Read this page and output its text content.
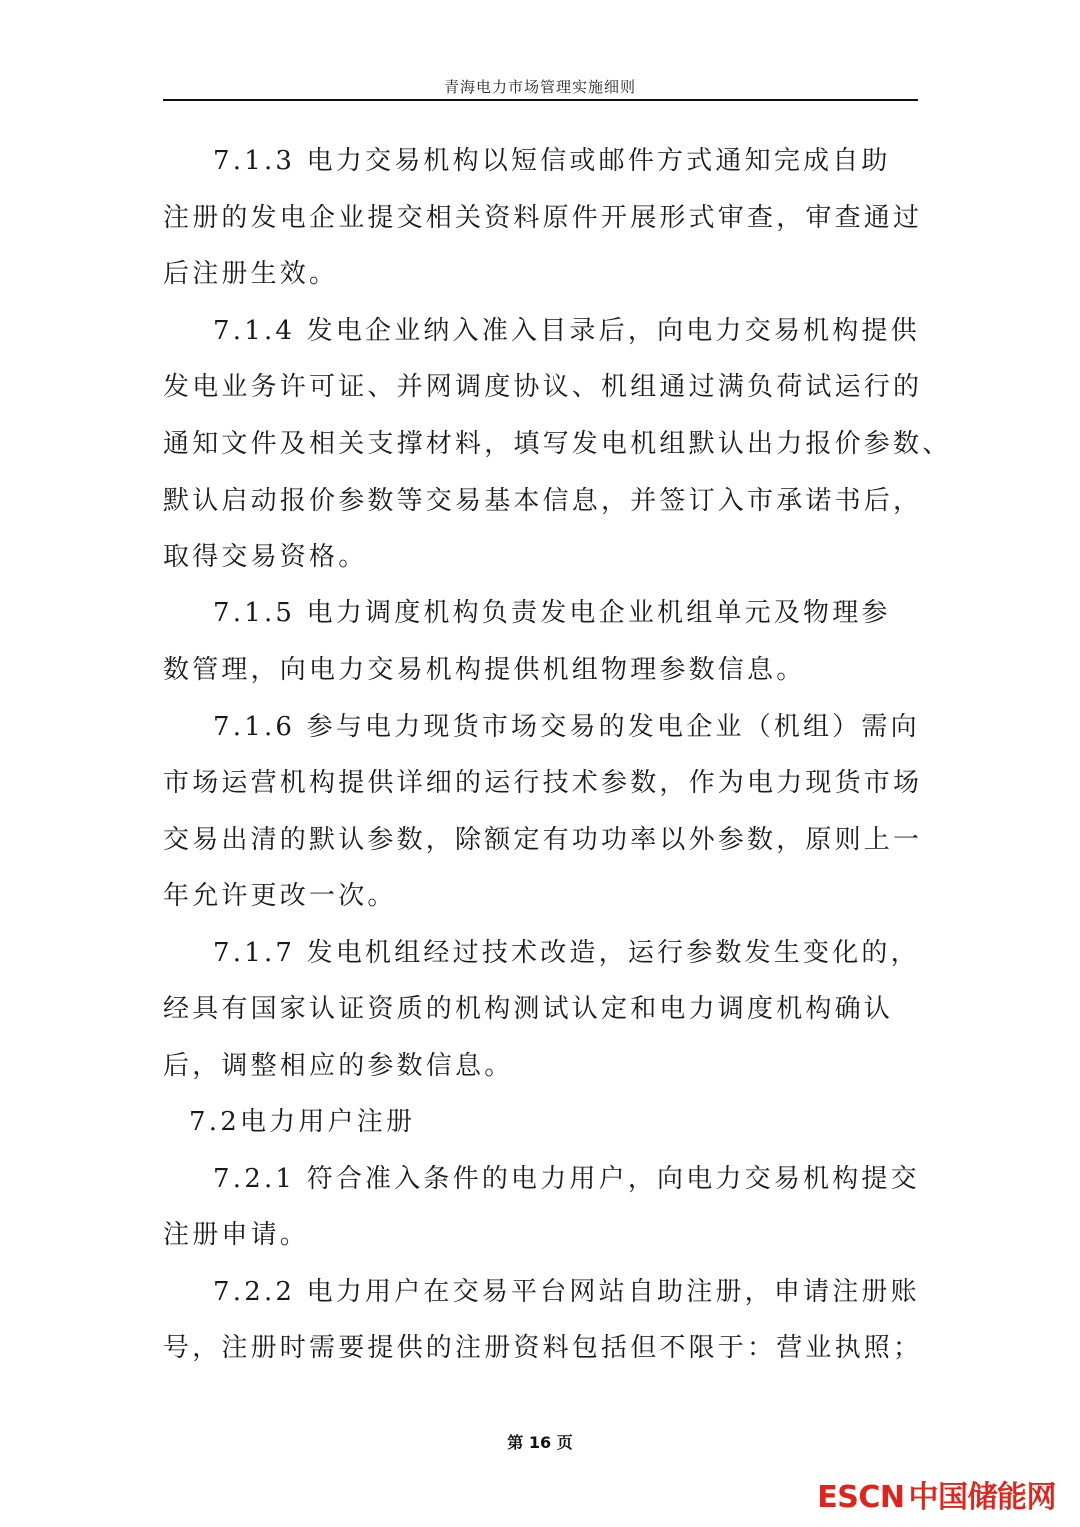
青海电力市场管理实施细则
7.1.3 电力交易机构以短信或邮件方式通知完成自助
注册的发电企业提交相关资料原件开展形式审查，审查通过
后注册生效。
7.1.4 发电企业纳入准入目录后，向电力交易机构提供
发电业务许可证、并网调度协议、机组通过满负荷试运行的
通知文件及相关支撑材料，填写发电机组默认出力报价参数、
默认启动报价参数等交易基本信息，并签订入市承诺书后，
取得交易资格。
7.1.5 电力调度机构负责发电企业机组单元及物理参
数管理，向电力交易机构提供机组物理参数信息。
7.1.6 参与电力现货市场交易的发电企业（机组）需向
市场运营机构提供详细的运行技术参数，作为电力现货市场
交易出清的默认参数，除额定有功功率以外参数，原则上一
年允许更改一次。
7.1.7 发电机组经过技术改造，运行参数发生变化的，
经具有国家认证资质的机构测试认定和电力调度机构确认
后，调整相应的参数信息。
7.2电力用户注册
7.2.1 符合准入条件的电力用户，向电力交易机构提交
注册申请。
7.2.2 电力用户在交易平台网站自助注册，申请注册账
号，注册时需要提供的注册资料包括但不限于：营业执照；
第 16 页
ESCN 中国储能网
